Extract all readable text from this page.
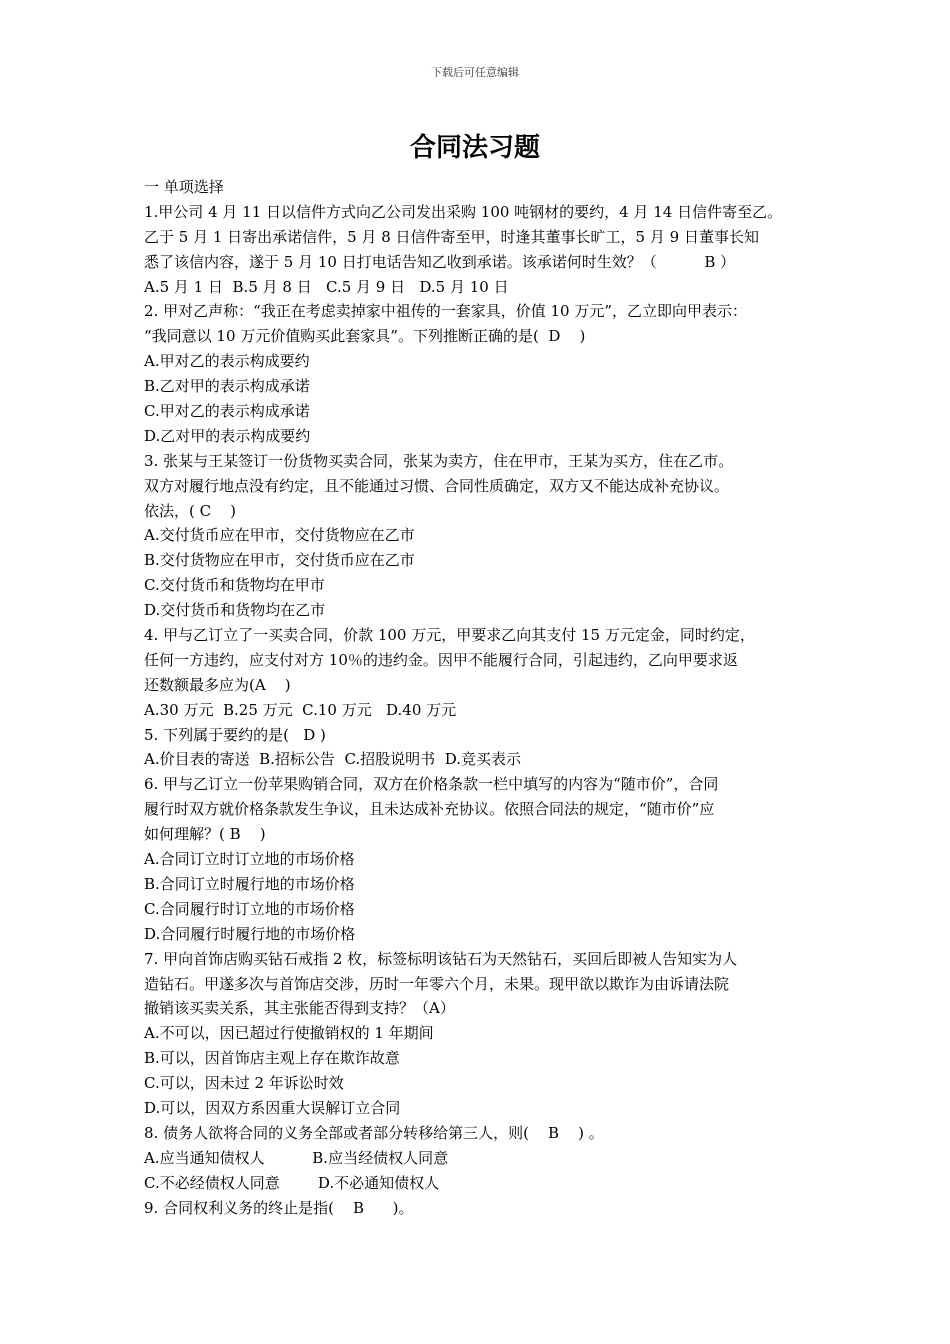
下载后可任意编辑
合同法习题
一 单项选择
1.甲公司 4 月 11 日以信件方式向乙公司发出采购 100 吨钢材的要约，4 月 14 日信件寄至乙。
乙于 5 月 1 日寄出承诺信件，5 月 8 日信件寄至甲，时逢其董事长旷工，5 月 9 日董事长知
悉了该信内容，遂于 5 月 10 日打电话告知乙收到承诺。该承诺何时生效？（          B ）
A.5 月 1 日  B.5 月 8 日   C.5 月 9 日   D.5 月 10 日
2. 甲对乙声称：“我正在考虑卖掉家中祖传的一套家具，价值 10 万元”，乙立即向甲表示：
“我同意以 10 万元价值购买此套家具”。下列推断正确的是(  D    )
A.甲对乙的表示构成要约
B.乙对甲的表示构成承诺
C.甲对乙的表示构成承诺
D.乙对甲的表示构成要约
3. 张某与王某签订一份货物买卖合同，张某为卖方，住在甲市，王某为买方，住在乙市。
双方对履行地点没有约定，且不能通过习惯、合同性质确定，双方又不能达成补充协议。
依法，( C    )
A.交付货币应在甲市，交付货物应在乙市
B.交付货物应在甲市，交付货币应在乙市
C.交付货币和货物均在甲市
D.交付货币和货物均在乙市
4. 甲与乙订立了一买卖合同，价款 100 万元，甲要求乙向其支付 15 万元定金，同时约定，
任何一方违约，应支付对方 10％的违约金。因甲不能履行合同，引起违约，乙向甲要求返
还数额最多应为(A    )
A.30 万元  B.25 万元  C.10 万元   D.40 万元
5. 下列属于要约的是(   D )
A.价目表的寄送  B.招标公告  C.招股说明书  D.竞买表示
6. 甲与乙订立一份苹果购销合同，双方在价格条款一栏中填写的内容为“随市价”，合同
履行时双方就价格条款发生争议，且未达成补充协议。依照合同法的规定，“随市价”应
如何理解？( B    )
A.合同订立时订立地的市场价格
B.合同订立时履行地的市场价格
C.合同履行时订立地的市场价格
D.合同履行时履行地的市场价格
7. 甲向首饰店购买钻石戒指 2 枚，标签标明该钻石为天然钻石，买回后即被人告知实为人
造钻石。甲遂多次与首饰店交涉，历时一年零六个月，未果。现甲欲以欺诈为由诉请法院
撤销该买卖关系，其主张能否得到支持？（A）
A.不可以，因已超过行使撤销权的 1 年期间
B.可以，因首饰店主观上存在欺诈故意
C.可以，因未过 2 年诉讼时效
D.可以，因双方系因重大误解订立合同
8. 债务人欲将合同的义务全部或者部分转移给第三人，则(    B    ) 。
A.应当通知债权人          B.应当经债权人同意
C.不必经债权人同意        D.不必通知债权人
9. 合同权利义务的终止是指(    B      )。
